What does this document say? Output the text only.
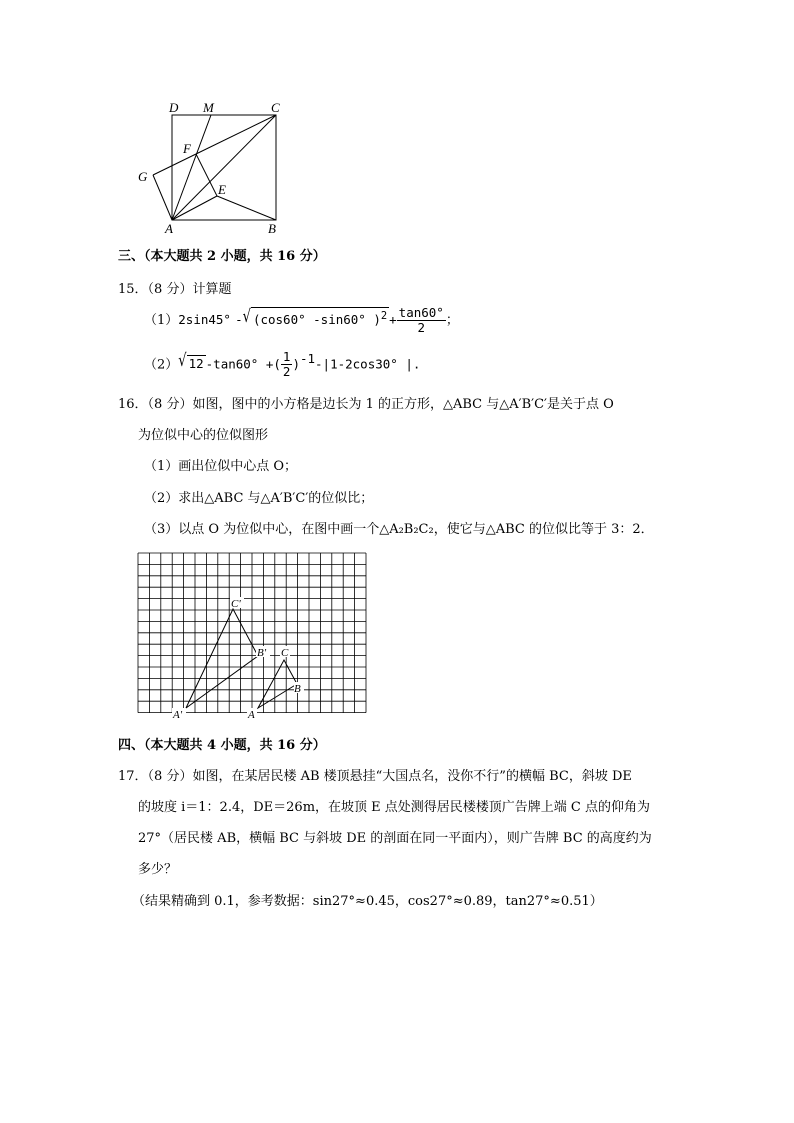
D M	C
F
G
E
A	B
三、（本大题共 2 小题，共 16 分）
15．（8 分）计算题
（1）2sin45° -√ (cos60° -sin60° )$^2 + \frac{\tan 60^\circ}{2}$ ；
（2）√ 12 -tan60° +( $\frac{1}{2} )^{-1}-|1-2\cos 30^\circ$ |.
16．（8 分）如图，图中的小方格是边长为 1 的正方形，△ABC 与△A′B′C′是关于点 O
为位似中心的位似图形
（1）画出位似中心点 O；
（2）求出△ABC 与△A′B′C′的位似比；
（3）以点 O 为位似中心，在图中画一个△A₂B₂C₂，使它与△ABC 的位似比等于 3：2．
C'
B' C
B
A'	A
四、（本大题共 4 小题，共 16 分）
17．（8 分）如图，在某居民楼 AB 楼顶悬挂“大国点名，没你不行”的横幅 BC，斜坡 DE
的坡度 i＝1：2.4，DE＝26m，在坡顶 E 点处测得居民楼楼顶广告牌上端 C 点的仰角为
27°（居民楼 AB，横幅 BC 与斜坡 DE 的剖面在同一平面内），则广告牌 BC 的高度约为
多少？
（结果精确到 0.1，参考数据：sin27°≈0.45，cos27°≈0.89，tan27°≈0.51）
